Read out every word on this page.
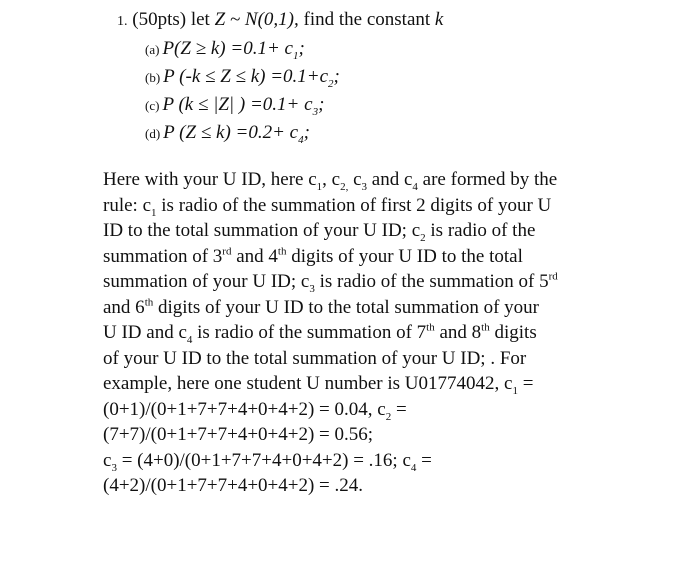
1. (50pts) let Z ~ N(0,1), find the constant k
(a) $P(Z \ge k) =0.1+ c_1$;
(b) P $(-k \le Z \le k) =0.1+c_2$;
(c) P (k ≤ |Z| ) $=0.1+ c_3$;
(d) P $(Z \le k) =0.2+ c_4$;
Here with your U ID, here $c_1$, $c_{2,}$ $c_3$ and $c_4$ are formed by the
rule: $c_1$ is radio of the summation of first 2 digits of your U
ID to the total summation of your U ID; $c_2$ is radio of the
summation of 3rd and 4th digits of your U ID to the total
summation of your U ID; $c_3$ is radio of the summation of 5rd
and 6th digits of your U ID to the total summation of your
U ID and $c_4$ is radio of the summation of 7th and 8th digits
of your U ID to the total summation of your U ID; . For
example, here one student U number is U01774042, $c_1$ =
(0+1)/(0+1+7+7+4+0+4+2) = 0.04, $c_2$ =
(7+7)/(0+1+7+7+4+0+4+2) = 0.56;
$c_3 = (4+0)/(0+1+7+7+4+0+4+2) = .16$; $c_4$ =
(4+2)/(0+1+7+7+4+0+4+2) = .24.
